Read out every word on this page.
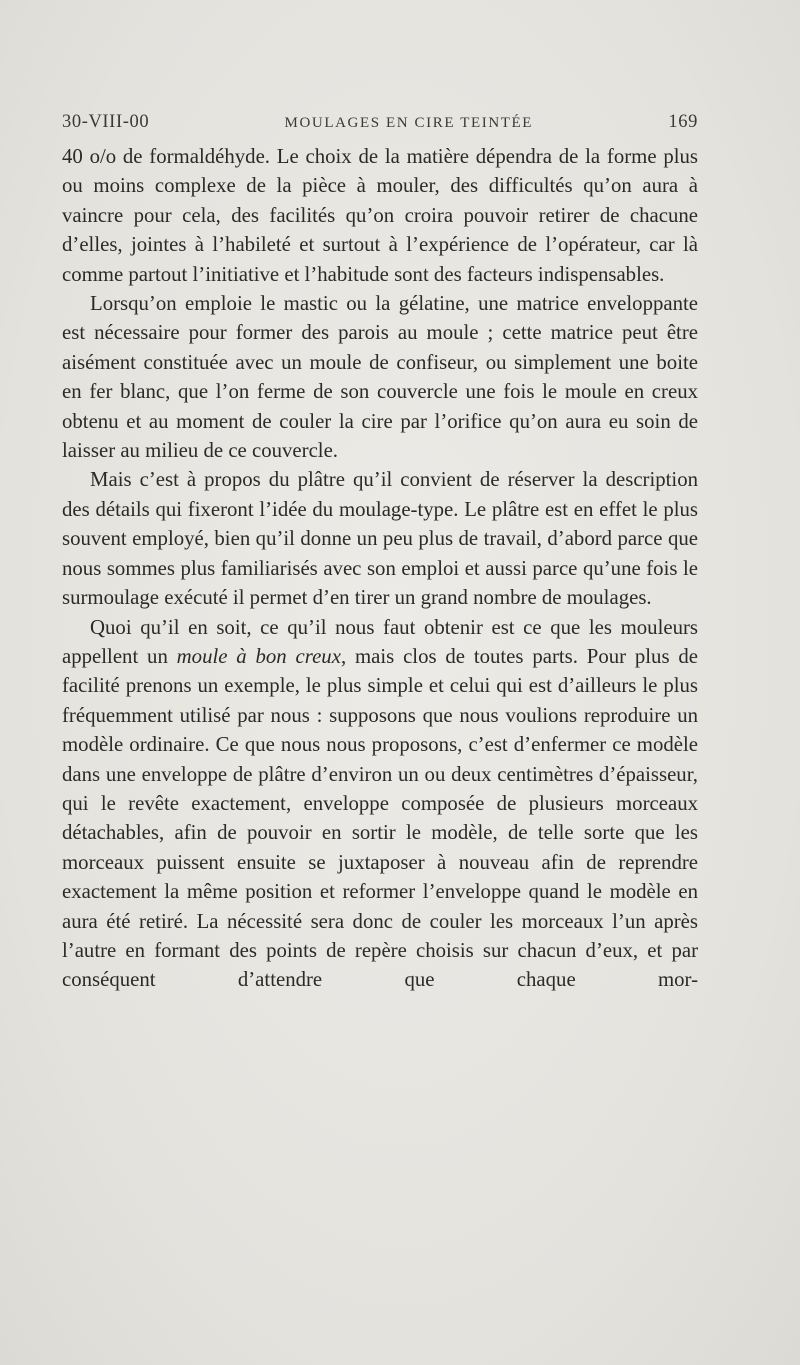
30-VIII-00	MOULAGES EN CIRE TEINTÉE	169

40 o/o de formaldéhyde. Le choix de la matière dépendra de la forme plus ou moins complexe de la pièce à mouler, des difficultés qu’on aura à vaincre pour cela, des facilités qu’on croira pouvoir retirer de chacune d’elles, jointes à l’habileté et surtout à l’expérience de l’opérateur, car là comme partout l’initiative et l’habitude sont des facteurs indispensables.

Lorsqu’on emploie le mastic ou la gélatine, une matrice enveloppante est nécessaire pour former des parois au moule ; cette matrice peut être aisément constituée avec un moule de confiseur, ou simplement une boite en fer blanc, que l’on ferme de son couvercle une fois le moule en creux obtenu et au moment de couler la cire par l’orifice qu’on aura eu soin de laisser au milieu de ce couvercle.

Mais c’est à propos du plâtre qu’il convient de réserver la description des détails qui fixeront l’idée du moulage-type. Le plâtre est en effet le plus souvent employé, bien qu’il donne un peu plus de travail, d’abord parce que nous sommes plus familiarisés avec son emploi et aussi parce qu’une fois le surmoulage exécuté il permet d’en tirer un grand nombre de moulages.

Quoi qu’il en soit, ce qu’il nous faut obtenir est ce que les mouleurs appellent un moule à bon creux, mais clos de toutes parts. Pour plus de facilité prenons un exemple, le plus simple et celui qui est d’ailleurs le plus fréquemment utilisé par nous : supposons que nous voulions reproduire un modèle ordinaire. Ce que nous nous proposons, c’est d’enfermer ce modèle dans une enveloppe de plâtre d’environ un ou deux centimètres d’épaisseur, qui le revête exactement, enveloppe composée de plusieurs morceaux détachables, afin de pouvoir en sortir le modèle, de telle sorte que les morceaux puissent ensuite se juxtaposer à nouveau afin de reprendre exactement la même position et reformer l’enveloppe quand le modèle en aura été retiré. La nécessité sera donc de couler les morceaux l’un après l’autre en formant des points de repère choisis sur chacun d’eux, et par conséquent d’attendre que chaque mor-
